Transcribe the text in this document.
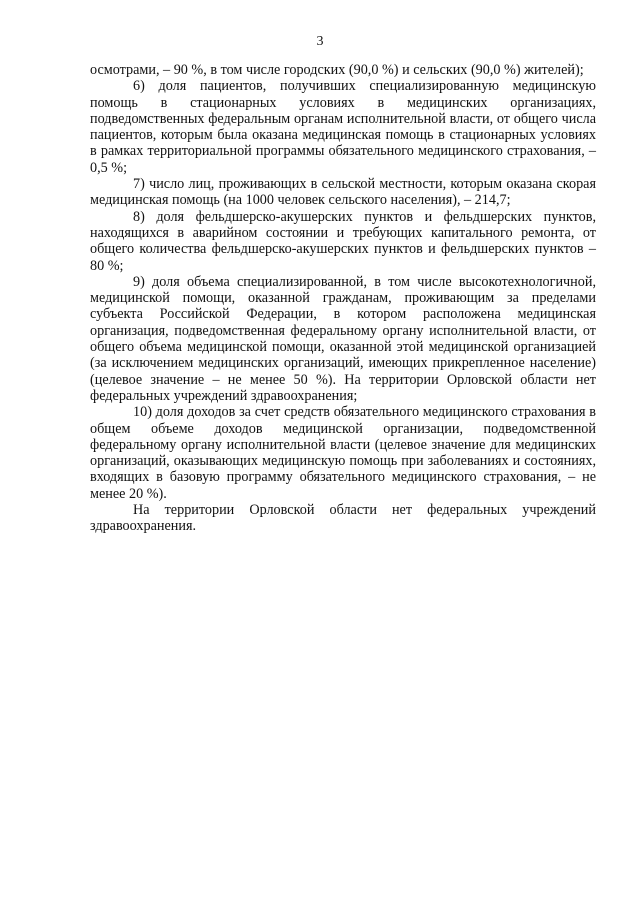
3

осмотрами, – 90 %, в том числе городских (90,0 %) и сельских (90,0 %) жителей);

6) доля пациентов, получивших специализированную медицинскую помощь в стационарных условиях в медицинских организациях, подведомственных федеральным органам исполнительной власти, от общего числа пациентов, которым была оказана медицинская помощь в стационарных условиях в рамках территориальной программы обязательного медицинского страхования, – 0,5 %;

7) число лиц, проживающих в сельской местности, которым оказана скорая медицинская помощь (на 1000 человек сельского населения), – 214,7;

8) доля фельдшерско-акушерских пунктов и фельдшерских пунктов, находящихся в аварийном состоянии и требующих капитального ремонта, от общего количества фельдшерско-акушерских пунктов и фельдшерских пунктов – 80 %;

9) доля объема специализированной, в том числе высокотехнологичной, медицинской помощи, оказанной гражданам, проживающим за пределами субъекта Российской Федерации, в котором расположена медицинская организация, подведомственная федеральному органу исполнительной власти, от общего объема медицинской помощи, оказанной этой медицинской организацией (за исключением медицинских организаций, имеющих прикрепленное население) (целевое значение – не менее 50 %). На территории Орловской области нет федеральных учреждений здравоохранения;

10) доля доходов за счет средств обязательного медицинского страхования в общем объеме доходов медицинской организации, подведомственной федеральному органу исполнительной власти (целевое значение для медицинских организаций, оказывающих медицинскую помощь при заболеваниях и состояниях, входящих в базовую программу обязательного медицинского страхования, – не менее 20 %).

На территории Орловской области нет федеральных учреждений здравоохранения.
